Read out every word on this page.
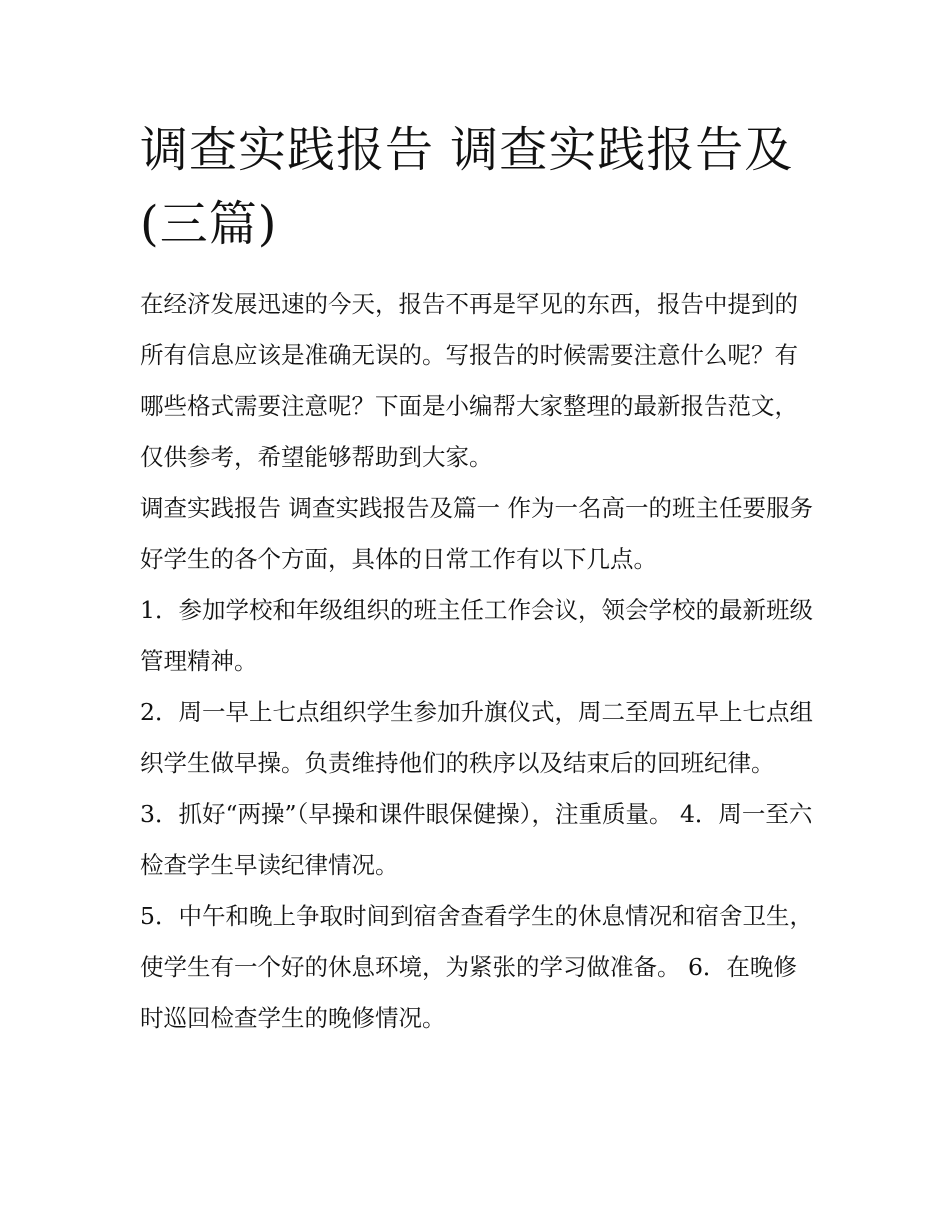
调查实践报告 调查实践报告及(三篇)

在经济发展迅速的今天，报告不再是罕见的东西，报告中提到的所有信息应该是准确无误的。写报告的时候需要注意什么呢？有哪些格式需要注意呢？下面是小编帮大家整理的最新报告范文，仅供参考，希望能够帮助到大家。

调查实践报告 调查实践报告及篇一 作为一名高一的班主任要服务好学生的各个方面，具体的日常工作有以下几点。

1．参加学校和年级组织的班主任工作会议，领会学校的最新班级管理精神。

2．周一早上七点组织学生参加升旗仪式，周二至周五早上七点组织学生做早操。负责维持他们的秩序以及结束后的回班纪律。

3．抓好“两操”（早操和课件眼保健操），注重质量。 4．周一至六检查学生早读纪律情况。

5．中午和晚上争取时间到宿舍查看学生的休息情况和宿舍卫生，使学生有一个好的休息环境，为紧张的学习做准备。 6．在晚修时巡回检查学生的晚修情况。
